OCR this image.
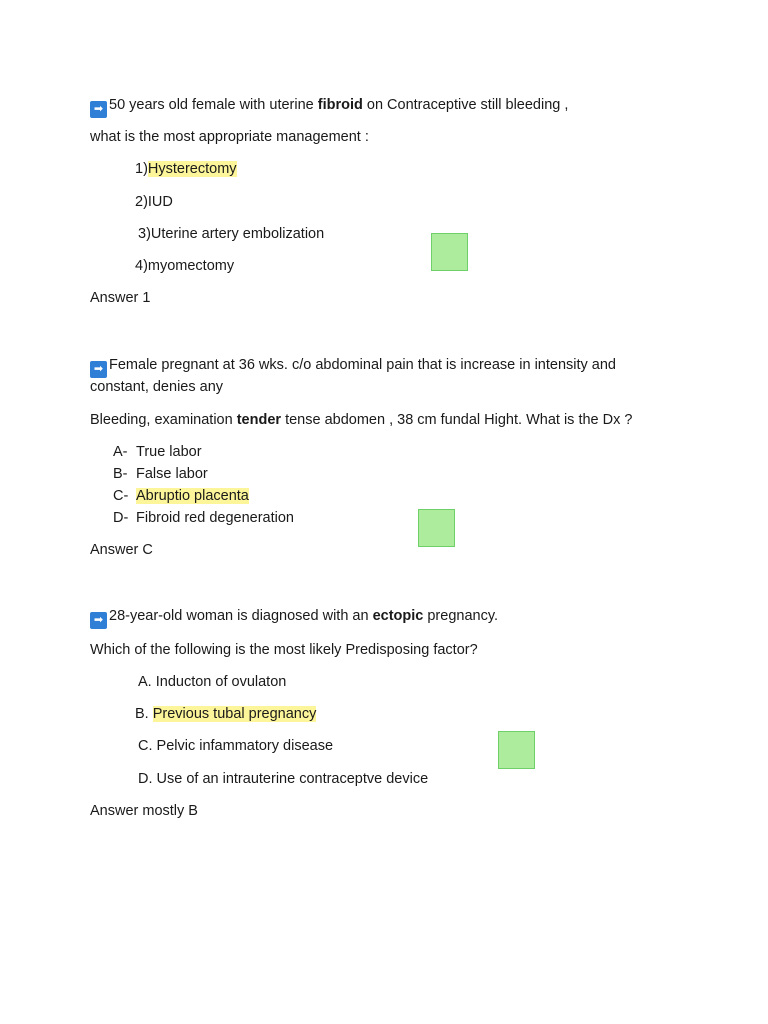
➡ 50 years old female with uterine fibroid on Contraceptive still bleeding ,
what is the most appropriate management :
1)Hysterectomy
2)IUD
3)Uterine artery embolization
4)myomectomy
Answer 1
➡ Female pregnant at 36 wks. c/o abdominal pain that is increase in intensity and
constant, denies any
Bleeding, examination tender tense abdomen , 38 cm fundal Hight. What is the Dx ?
A- True labor
B- False labor
C- Abruptio placenta
D- Fibroid red degeneration
Answer C
➡ 28-year-old woman is diagnosed with an ectopic pregnancy.
Which of the following is the most likely Predisposing factor?
A. Inducton of ovulaton
B. Previous tubal pregnancy
C. Pelvic infammatory disease
D. Use of an intrauterine contraceptve device
Answer mostly B
